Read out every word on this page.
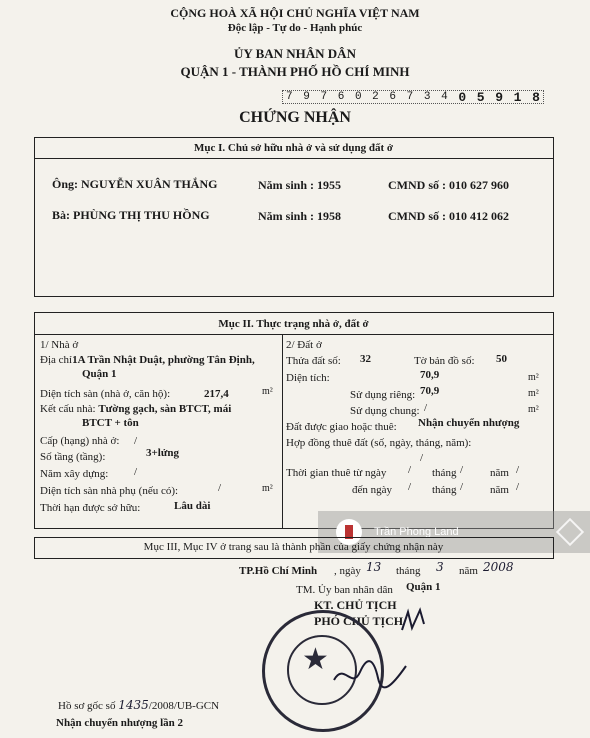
CỘNG HOÀ XÃ HỘI CHỦ NGHĨA VIỆT NAM
Độc lập - Tự do - Hạnh phúc
ỦY BAN NHÂN DÂN
QUẬN 1 - THÀNH PHỐ HỒ CHÍ MINH
7 9 7 6 0 2 6 7 3 4 0 5 9 1 8
CHỨNG NHẬN
Mục I. Chủ sở hữu nhà ở và sử dụng đất ở
Ông: NGUYỄN XUÂN THẮNG	Năm sinh : 1955	CMND số : 010 627 960
Bà: PHÙNG THỊ THU HỒNG	Năm sinh : 1958	CMND số : 010 412 062
Mục II. Thực trạng nhà ở, đất ở
1/ Nhà ở
Địa chỉ1A Trần Nhật Duật, phường Tân Định,
Quận 1
Diện tích sàn (nhà ở, căn hộ):	217,4	m²
Kết cấu nhà: Tường gạch, sàn BTCT, mái
BTCT + tôn
Cấp (hạng) nhà ở: /
Số tầng (tầng):	3+lửng
Năm xây dựng: /
Diện tích sàn nhà phụ (nếu có):	/	m²
Thời hạn được sở hữu:	Lâu dài
2/ Đất ở
Thửa đất số: 32	Tờ bản đồ số: 50
Diện tích:	70,9	m²
Sử dụng riêng: 70,9	m²
Sử dụng chung: /	m²
Đất được giao hoặc thuê: Nhận chuyển nhượng
Hợp đồng thuê đất (số, ngày, tháng, năm):
/
Thời gian thuê từ ngày / tháng / năm /
đến ngày / tháng / năm /
Trần Phong Land
Mục III, Mục IV ở trang sau là thành phần của giấy chứng nhận này
TP.Hồ Chí Minh , ngày 13 tháng 3 năm 2008
TM. Ủy ban nhân dân Quận 1
KT. CHỦ TỊCH
PHÓ CHỦ TỊCH
★
Hồ sơ gốc số 1435/2008/UB-GCN
Nhận chuyển nhượng lần 2
